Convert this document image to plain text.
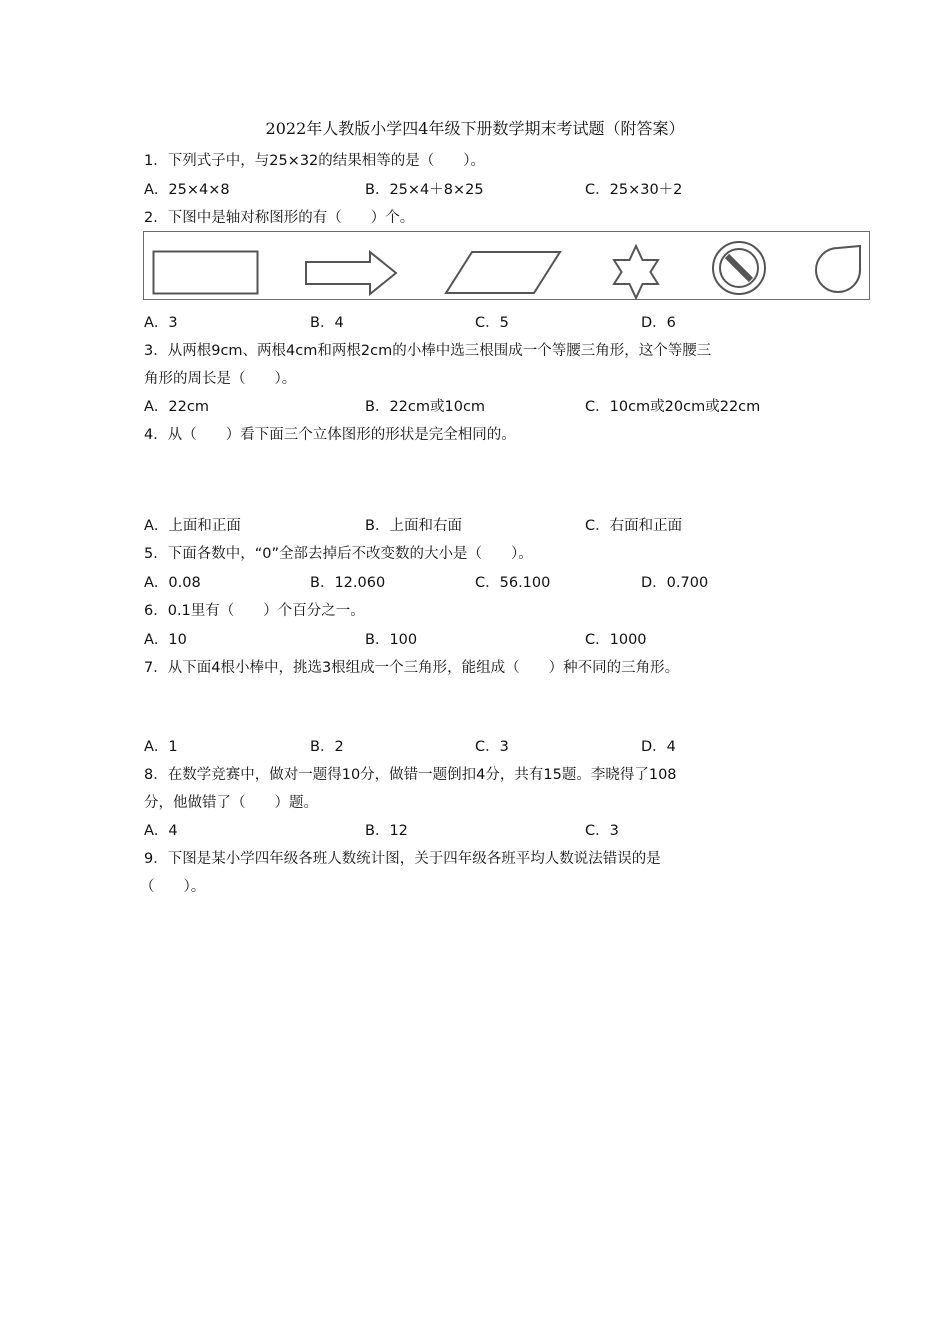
2022年人教版小学四4年级下册数学期末考试题（附答案）
1．下列式子中，与25×32的结果相等的是（　　）。
A．25×4×8	B．25×4＋8×25	C．25×30＋2
2．下图中是轴对称图形的有（　　）个。
A．3	B．4	C．5	D．6
3．从两根9cm、两根4cm和两根2cm的小棒中选三根围成一个等腰三角形，这个等腰三
角形的周长是（　　）。
A．22cm	B．22cm或10cm	C．10cm或20cm或22cm
4．从（　　）看下面三个立体图形的形状是完全相同的。
A．上面和正面	B．上面和右面	C．右面和正面
5．下面各数中，“0”全部去掉后不改变数的大小是（　　）。
A．0.08	B．12.060	C．56.100	D．0.700
6．0.1里有（　　）个百分之一。
A．10	B．100	C．1000
7．从下面4根小棒中，挑选3根组成一个三角形，能组成（　　）种不同的三角形。
A．1	B．2	C．3	D．4
8．在数学竞赛中，做对一题得10分，做错一题倒扣4分，共有15题。李晓得了108
分，他做错了（　　）题。
A．4	B．12	C．3
9．下图是某小学四年级各班人数统计图，关于四年级各班平均人数说法错误的是
（　　）。
